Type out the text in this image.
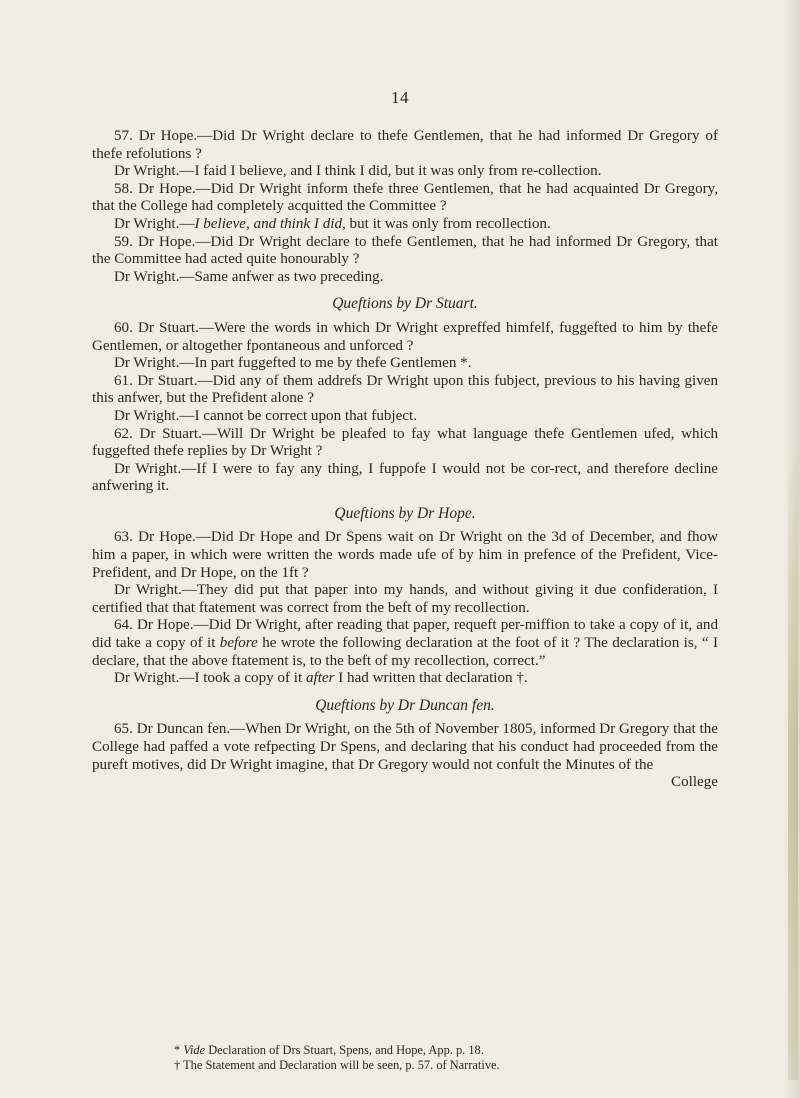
14

57. Dr Hope.—Did Dr Wright declare to thefe Gentlemen, that he had informed Dr Gregory of thefe refolutions ?

Dr Wright.—I faid I believe, and I think I did, but it was only from re-collection.

58. Dr Hope.—Did Dr Wright inform thefe three Gentlemen, that he had acquainted Dr Gregory, that the College had completely acquitted the Committee ?

Dr Wright.—I believe, and think I did, but it was only from recollection.

59. Dr Hope.—Did Dr Wright declare to thefe Gentlemen, that he had informed Dr Gregory, that the Committee had acted quite honourably ?

Dr Wright.—Same anfwer as two preceding.

Queftions by Dr Stuart.

60. Dr Stuart.—Were the words in which Dr Wright expreffed himfelf, fuggefted to him by thefe Gentlemen, or altogether fpontaneous and unforced ?

Dr Wright.—In part fuggefted to me by thefe Gentlemen *.

61. Dr Stuart.—Did any of them addrefs Dr Wright upon this fubject, previous to his having given this anfwer, but the Prefident alone ?

Dr Wright.—I cannot be correct upon that fubject.

62. Dr Stuart.—Will Dr Wright be pleafed to fay what language thefe Gentlemen ufed, which fuggefted thefe replies by Dr Wright ?

Dr Wright.—If I were to fay any thing, I fuppofe I would not be cor-rect, and therefore decline anfwering it.

Queftions by Dr Hope.

63. Dr Hope.—Did Dr Hope and Dr Spens wait on Dr Wright on the 3d of December, and fhow him a paper, in which were written the words made ufe of by him in prefence of the Prefident, Vice-Prefident, and Dr Hope, on the 1ft ?

Dr Wright.—They did put that paper into my hands, and without giving it due confideration, I certified that that ftatement was correct from the beft of my recollection.

64. Dr Hope.—Did Dr Wright, after reading that paper, requeft per-miffion to take a copy of it, and did take a copy of it before he wrote the following declaration at the foot of it ? The declaration is, “ I declare, that the above ftatement is, to the beft of my recollection, correct.”

Dr Wright.—I took a copy of it after I had written that declaration †.

Queftions by Dr Duncan fen.

65. Dr Duncan fen.—When Dr Wright, on the 5th of November 1805, informed Dr Gregory that the College had paffed a vote refpecting Dr Spens, and declaring that his conduct had proceeded from the pureft motives, did Dr Wright imagine, that Dr Gregory would not confult the Minutes of the

College

* Vide Declaration of Drs Stuart, Spens, and Hope, App. p. 18.

† The Statement and Declaration will be seen, p. 57. of Narrative.
